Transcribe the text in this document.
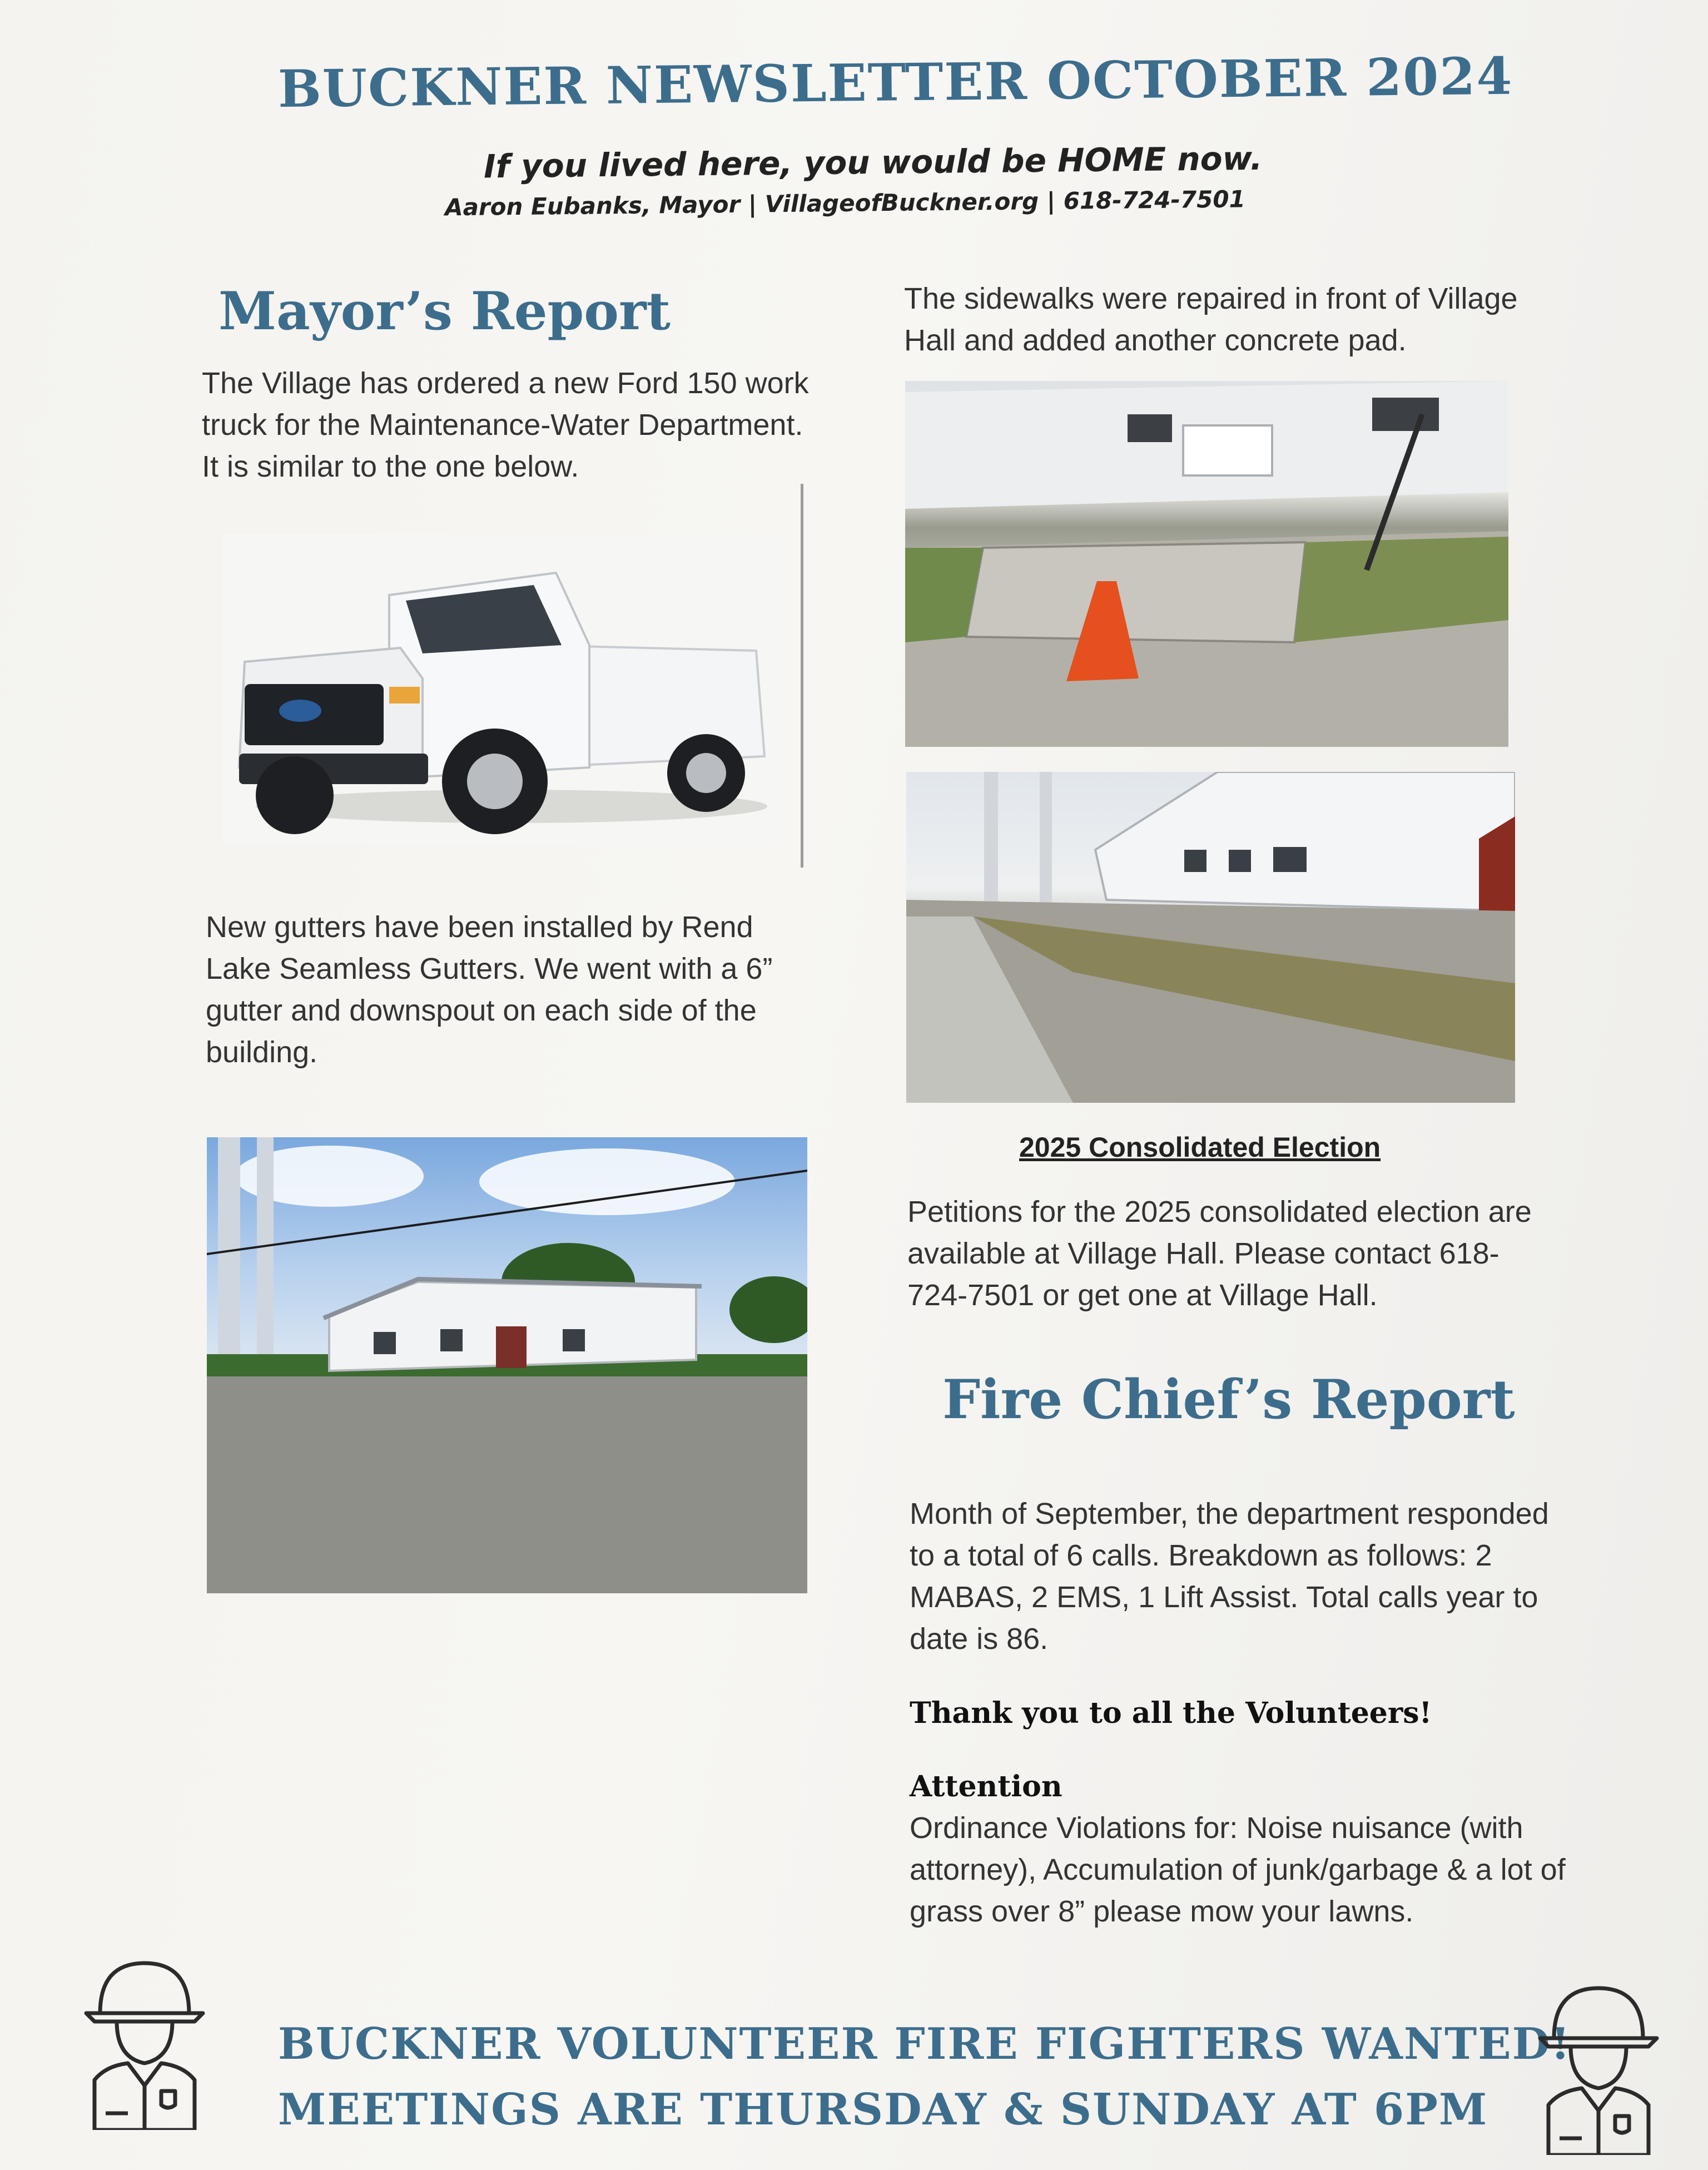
BUCKNER NEWSLETTER OCTOBER 2024
If you lived here, you would be HOME now.
Aaron Eubanks, Mayor | VillageofBuckner.org | 618-724-7501
Mayor’s Report
The Village has ordered a new Ford 150 work truck for the Maintenance-Water Department. It is similar to the one below.
New gutters have been installed by Rend Lake Seamless Gutters. We went with a 6” gutter and downspout on each side of the building.
The sidewalks were repaired in front of Village Hall and added another concrete pad.
2025 Consolidated Election
Petitions for the 2025 consolidated election are available at Village Hall. Please contact 618-724-7501 or get one at Village Hall.
Fire Chief’s Report
Month of September, the department responded to a total of 6 calls. Breakdown as follows: 2 MABAS, 2 EMS, 1 Lift Assist. Total calls year to date is 86.
Thank you to all the Volunteers!
Attention
Ordinance Violations for: Noise nuisance (with attorney), Accumulation of junk/garbage & a lot of grass over 8” please mow your lawns.
BUCKNER VOLUNTEER FIRE FIGHTERS WANTED!
MEETINGS ARE THURSDAY & SUNDAY AT 6PM
